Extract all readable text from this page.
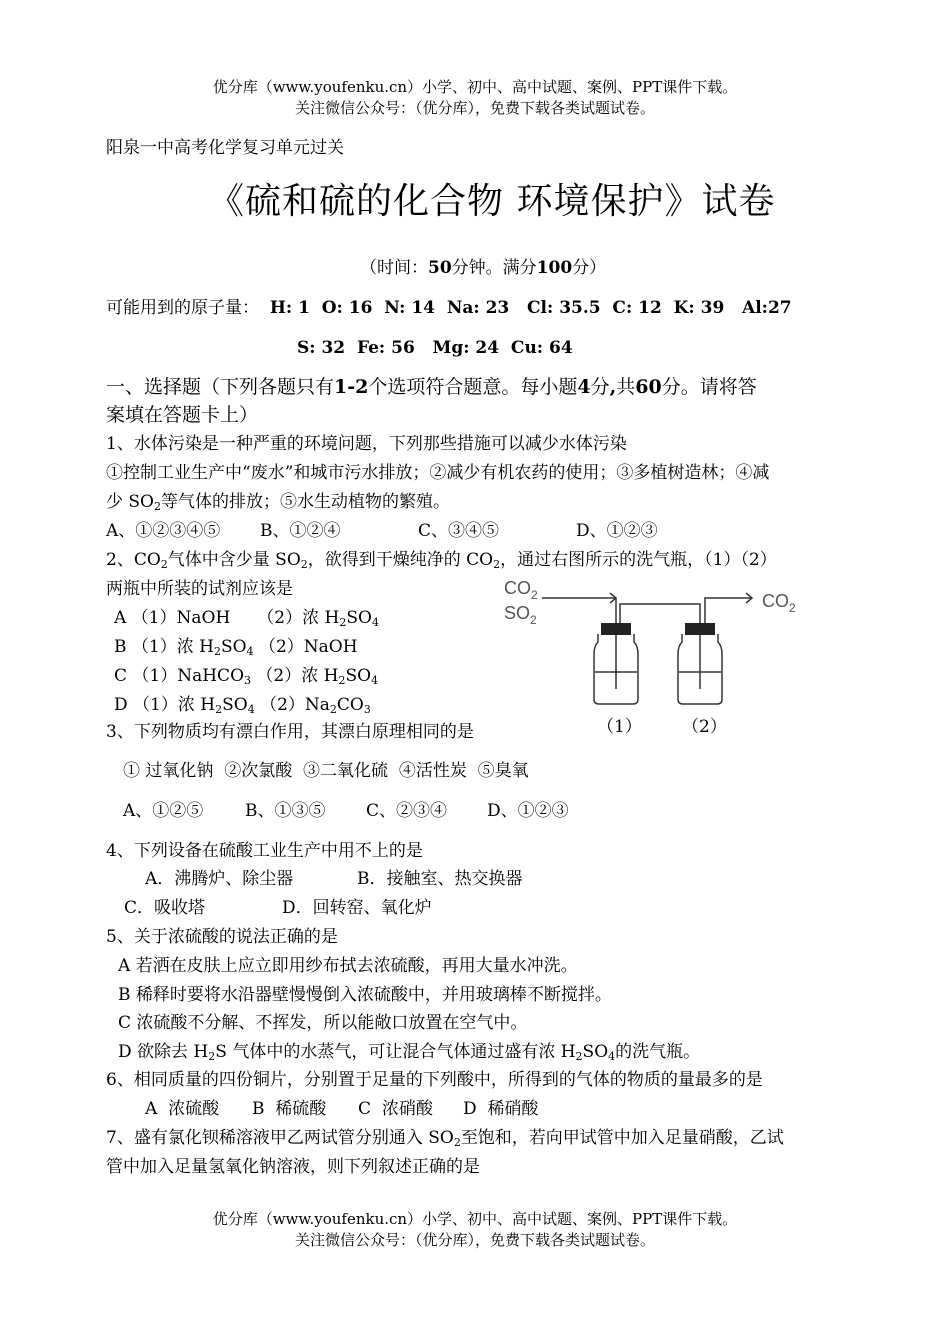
优分库（www.youfenku.cn）小学、初中、高中试题、案例、PPT课件下载。
关注微信公众号：（优分库），免费下载各类试题试卷。
阳泉一中高考化学复习单元过关
《硫和硫的化合物 环境保护》试卷
（时间：50分钟。满分100分）
可能用到的原子量： H: 1  O: 16  N: 14  Na: 23   Cl: 35.5  C: 12  K: 39   Al:27
S: 32  Fe: 56   Mg: 24  Cu: 64
一、选择题（下列各题只有1-2个选项符合题意。每小题4分,共60分。请将答
案填在答题卡上）
1、水体污染是一种严重的环境问题，下列那些措施可以减少水体污染
①控制工业生产中“废水”和城市污水排放；②减少有机农药的使用；③多植树造林；④减
少 $SO_2$等气体的排放；⑤水生动植物的繁殖。
A、①②③④⑤ B、①②④	C、③④⑤	D、①②③
2、$CO_2$气体中含少量 $SO_2$，欲得到干燥纯净的 $CO_2$，通过右图所示的洗气瓶，（1）（2）
两瓶中所装的试剂应该是
A （1）NaOH     （2）浓 $H_2SO_4$
B （1）浓 $H_2SO_4$ （2）NaOH
C （1）NaHCO$_3$ （2）浓 $H_2SO_4$
D （1）浓 $H_2SO_4$ $(2)Na_2CO_3$
$CO_2$
$SO_2$
$CO_2$
（1） （2）
3、下列物质均有漂白作用，其漂白原理相同的是
① 过氧化钠  ②次氯酸  ③二氧化硫  ④活性炭  ⑤臭氧
A、①②⑤ B、①③⑤ C、②③④ D、①②③
4、下列设备在硫酸工业生产中用不上的是
A．沸腾炉、除尘器	B．接触室、热交换器
C．吸收塔	D．回转窑、氧化炉
5、关于浓硫酸的说法正确的是
A 若洒在皮肤上应立即用纱布拭去浓硫酸，再用大量水冲洗。
B 稀释时要将水沿器壁慢慢倒入浓硫酸中，并用玻璃棒不断搅拌。
C 浓硫酸不分解、不挥发，所以能敞口放置在空气中。
D 欲除去 $H_2S$ 气体中的水蒸气，可让混合气体通过盛有浓 $H_2SO_4$的洗气瓶。
6、相同质量的四份铜片，分别置于足量的下列酸中，所得到的气体的物质的量最多的是
A  浓硫酸 B  稀硫酸 C  浓硝酸 D  稀硝酸
7、盛有氯化钡稀溶液甲乙两试管分别通入 $SO_2$至饱和，若向甲试管中加入足量硝酸，乙试
管中加入足量氢氧化钠溶液，则下列叙述正确的是
优分库（www.youfenku.cn）小学、初中、高中试题、案例、PPT课件下载。
关注微信公众号：（优分库），免费下载各类试题试卷。
